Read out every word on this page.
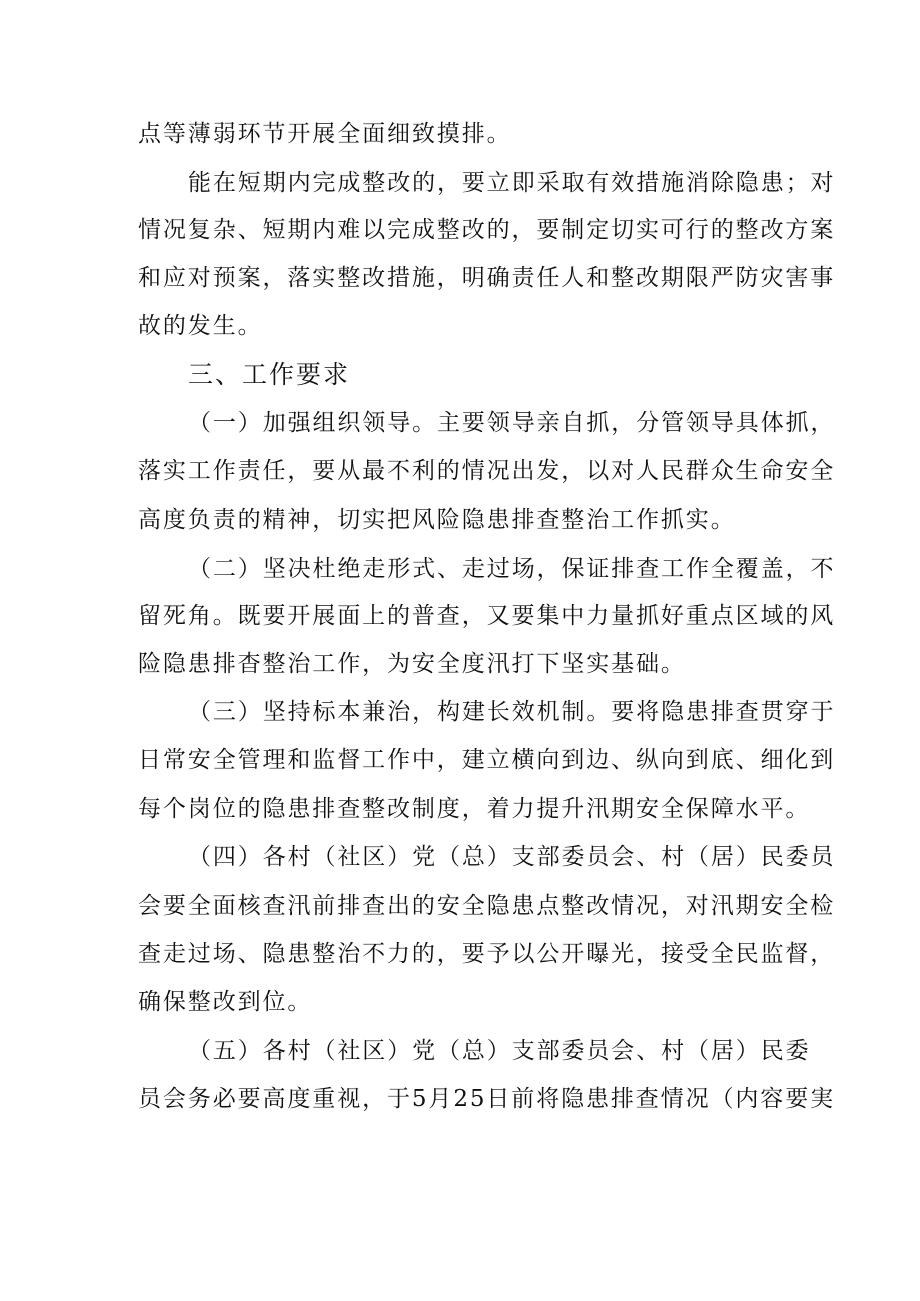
点等薄弱环节开展全面细致摸排。
能在短期内完成整改的，要立即采取有效措施消除隐患；对
情况复杂、短期内难以完成整改的，要制定切实可行的整改方案
和应对预案，落实整改措施，明确责任人和整改期限严防灾害事
故的发生。
三、工作要求
（一）加强组织领导。主要领导亲自抓，分管领导具体抓，
落实工作责任，要从最不利的情况出发，以对人民群众生命安全
高度负责的精神，切实把风险隐患排查整治工作抓实。
（二）坚决杜绝走形式、走过场，保证排查工作全覆盖，不
留死角。既要开展面上的普查，又要集中力量抓好重点区域的风
险隐患排杳整治工作，为安全度汛打下坚实基础。
（三）坚持标本兼治，构建长效机制。要将隐患排查贯穿于
日常安全管理和监督工作中，建立横向到边、纵向到底、细化到
每个岗位的隐患排查整改制度，着力提升汛期安全保障水平。
（四）各村（社区）党（总）支部委员会、村（居）民委员
会要全面核查汛前排查出的安全隐患点整改情况，对汛期安全检
查走过场、隐患整治不力的，要予以公开曝光，接受全民监督，
确保整改到位。
（五）各村（社区）党（总）支部委员会、村（居）民委
员会务必要高度重视，于5月25日前将隐患排查情况（内容要実
